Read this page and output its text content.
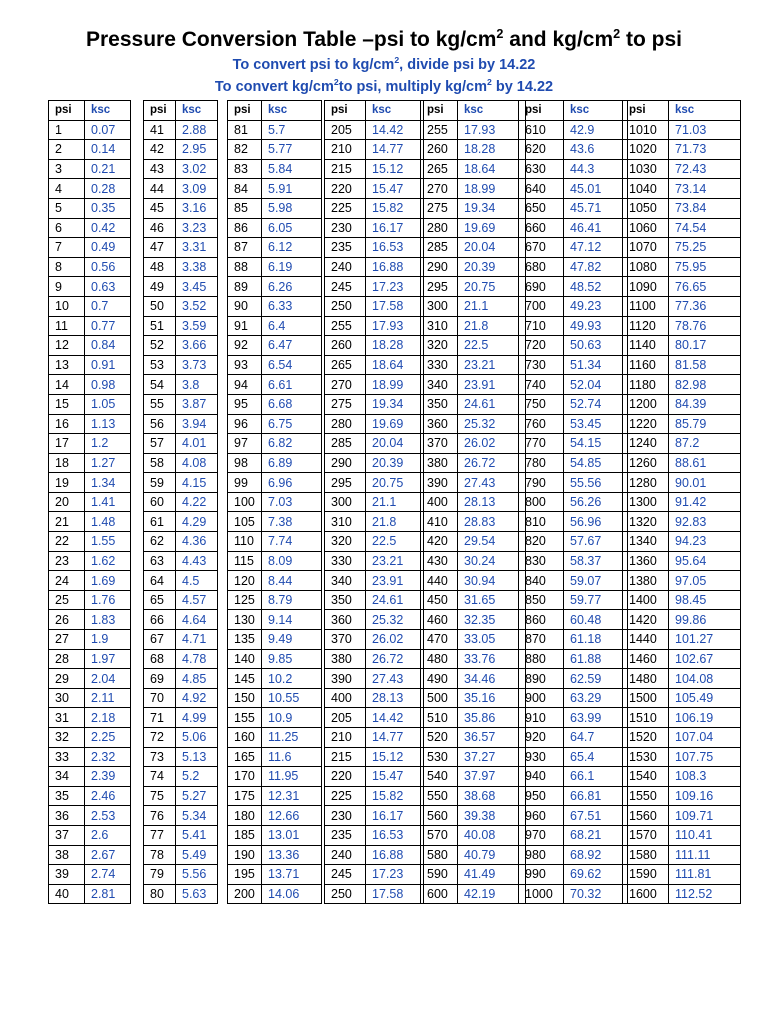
Pressure Conversion Table –psi to $kg/cm^2$ and $kg/cm^2$ to psi
To convert psi to $kg/cm^2$, divide psi by 14.22
To convert $kg/cm^2to$ psi, multiply $kg/cm^2$ by 14.22
psi	ksc
1	0.07
2	0.14
3	0.21
4	0.28
5	0.35
6	0.42
7	0.49
8	0.56
9	0.63
10	0.7
11	0.77
12	0.84
13	0.91
14	0.98
15	1.05
16	1.13
17	1.2
18	1.27
19	1.34
20	1.41
21	1.48
22	1.55
23	1.62
24	1.69
25	1.76
26	1.83
27	1.9
28	1.97
29	2.04
30	2.11
31	2.18
32	2.25
33	2.32
34	2.39
35	2.46
36	2.53
37	2.6
38	2.67
39	2.74
40	2.81
psi	ksc
41	2.88
42	2.95
43	3.02
44	3.09
45	3.16
46	3.23
47	3.31
48	3.38
49	3.45
50	3.52
51	3.59
52	3.66
53	3.73
54	3.8
55	3.87
56	3.94
57	4.01
58	4.08
59	4.15
60	4.22
61	4.29
62	4.36
63	4.43
64	4.5
65	4.57
66	4.64
67	4.71
68	4.78
69	4.85
70	4.92
71	4.99
72	5.06
73	5.13
74	5.2
75	5.27
76	5.34
77	5.41
78	5.49
79	5.56
80	5.63
psi	ksc
81	5.7
82	5.77
83	5.84
84	5.91
85	5.98
86	6.05
87	6.12
88	6.19
89	6.26
90	6.33
91	6.4
92	6.47
93	6.54
94	6.61
95	6.68
96	6.75
97	6.82
98	6.89
99	6.96
100	7.03
105	7.38
110	7.74
115	8.09
120	8.44
125	8.79
130	9.14
135	9.49
140	9.85
145	10.2
150	10.55
155	10.9
160	11.25
165	11.6
170	11.95
175	12.31
180	12.66
185	13.01
190	13.36
195	13.71
200	14.06
psi	ksc
205	14.42
210	14.77
215	15.12
220	15.47
225	15.82
230	16.17
235	16.53
240	16.88
245	17.23
250	17.58
255	17.93
260	18.28
265	18.64
270	18.99
275	19.34
280	19.69
285	20.04
290	20.39
295	20.75
300	21.1
310	21.8
320	22.5
330	23.21
340	23.91
350	24.61
360	25.32
370	26.02
380	26.72
390	27.43
400	28.13
205	14.42
210	14.77
215	15.12
220	15.47
225	15.82
230	16.17
235	16.53
240	16.88
245	17.23
250	17.58
psi	ksc
255	17.93
260	18.28
265	18.64
270	18.99
275	19.34
280	19.69
285	20.04
290	20.39
295	20.75
300	21.1
310	21.8
320	22.5
330	23.21
340	23.91
350	24.61
360	25.32
370	26.02
380	26.72
390	27.43
400	28.13
410	28.83
420	29.54
430	30.24
440	30.94
450	31.65
460	32.35
470	33.05
480	33.76
490	34.46
500	35.16
510	35.86
520	36.57
530	37.27
540	37.97
550	38.68
560	39.38
570	40.08
580	40.79
590	41.49
600	42.19
psi	ksc
610	42.9
620	43.6
630	44.3
640	45.01
650	45.71
660	46.41
670	47.12
680	47.82
690	48.52
700	49.23
710	49.93
720	50.63
730	51.34
740	52.04
750	52.74
760	53.45
770	54.15
780	54.85
790	55.56
800	56.26
810	56.96
820	57.67
830	58.37
840	59.07
850	59.77
860	60.48
870	61.18
880	61.88
890	62.59
900	63.29
910	63.99
920	64.7
930	65.4
940	66.1
950	66.81
960	67.51
970	68.21
980	68.92
990	69.62
1000	70.32
psi	ksc
1010	71.03
1020	71.73
1030	72.43
1040	73.14
1050	73.84
1060	74.54
1070	75.25
1080	75.95
1090	76.65
1100	77.36
1120	78.76
1140	80.17
1160	81.58
1180	82.98
1200	84.39
1220	85.79
1240	87.2
1260	88.61
1280	90.01
1300	91.42
1320	92.83
1340	94.23
1360	95.64
1380	97.05
1400	98.45
1420	99.86
1440	101.27
1460	102.67
1480	104.08
1500	105.49
1510	106.19
1520	107.04
1530	107.75
1540	108.3
1550	109.16
1560	109.71
1570	110.41
1580	111.11
1590	111.81
1600	112.52
